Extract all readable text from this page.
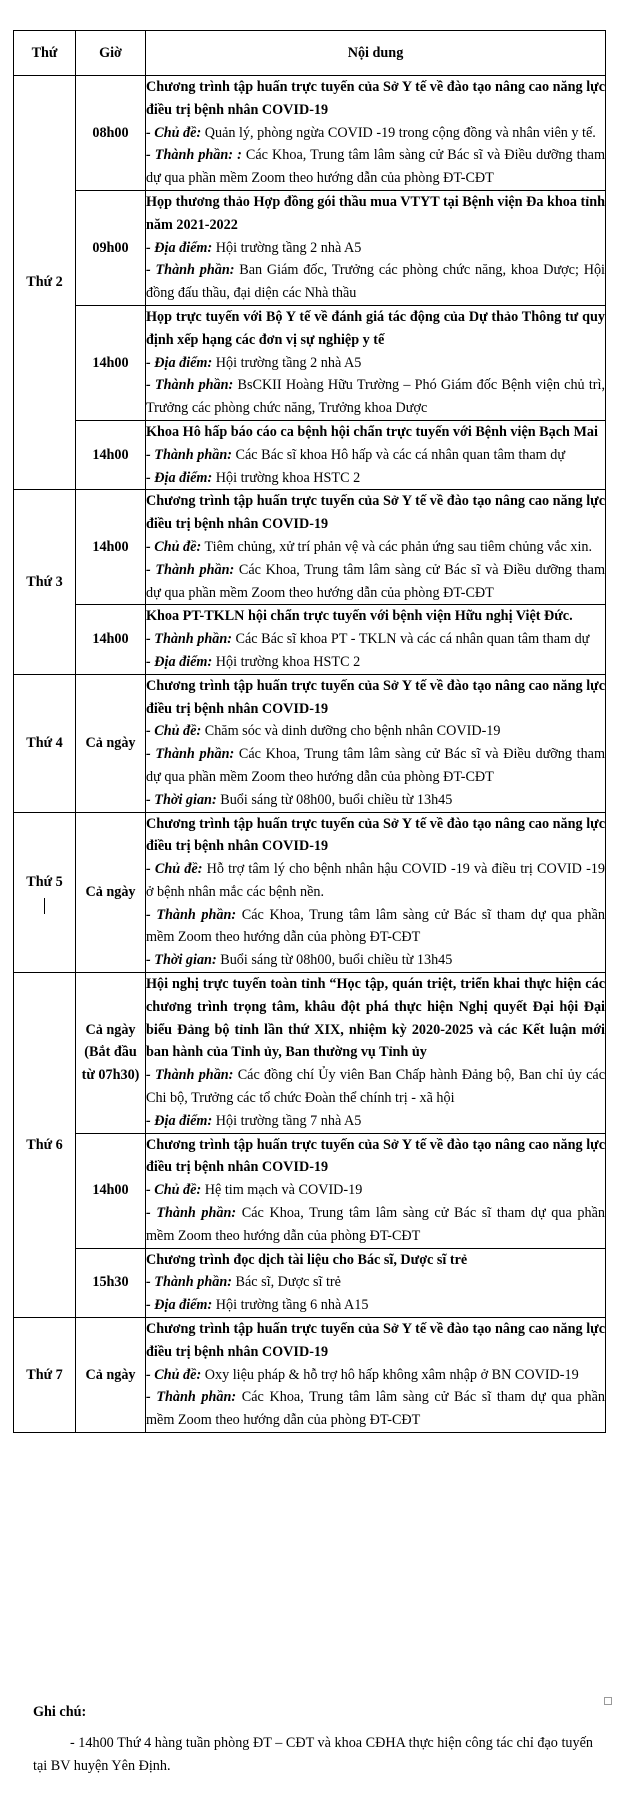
Thứ	Giờ	Nội dung
Thứ 2	08h00	Chương trình tập huấn trực tuyến của Sở Y tế về đào tạo nâng cao năng lực điều trị bệnh nhân COVID-19
- Chủ đề: Quản lý, phòng ngừa COVID -19 trong cộng đồng và nhân viên y tế.
- Thành phần: : Các Khoa, Trung tâm lâm sàng cử Bác sĩ và Điều dưỡng tham dự qua phần mềm Zoom theo hướng dẫn của phòng ĐT-CĐT

	09h00	Họp thương thảo Hợp đồng gói thầu mua VTYT tại Bệnh viện Đa khoa tỉnh năm 2021-2022
- Địa điểm: Hội trường tầng 2 nhà A5
- Thành phần: Ban Giám đốc, Trưởng các phòng chức năng, khoa Dược; Hội đồng đấu thầu, đại diện các Nhà thầu

	14h00	Họp trực tuyến với Bộ Y tế về đánh giá tác động của Dự thảo Thông tư quy định xếp hạng các đơn vị sự nghiệp y tế
- Địa điểm: Hội trường tầng 2 nhà A5
- Thành phần: BsCKII Hoàng Hữu Trường – Phó Giám đốc Bệnh viện chủ trì, Trưởng các phòng chức năng, Trưởng khoa Dược

	14h00	Khoa Hô hấp báo cáo ca bệnh hội chẩn trực tuyến với Bệnh viện Bạch Mai
- Thành phần: Các Bác sĩ khoa Hô hấp và các cá nhân quan tâm tham dự
- Địa điểm: Hội trường khoa HSTC 2

Thứ 3	14h00	Chương trình tập huấn trực tuyến của Sở Y tế về đào tạo nâng cao năng lực điều trị bệnh nhân COVID-19
- Chủ đề: Tiêm chủng, xử trí phản vệ và các phản ứng sau tiêm chủng vắc xin.
- Thành phần: Các Khoa, Trung tâm lâm sàng cử Bác sĩ và Điều dưỡng tham dự qua phần mềm Zoom theo hướng dẫn của phòng ĐT-CĐT

	14h00	Khoa PT-TKLN hội chẩn trực tuyến với bệnh viện Hữu nghị Việt Đức.
- Thành phần: Các Bác sĩ khoa PT - TKLN và các cá nhân quan tâm tham dự
- Địa điểm: Hội trường khoa HSTC 2

Thứ 4	Cả ngày	Chương trình tập huấn trực tuyến của Sở Y tế về đào tạo nâng cao năng lực điều trị bệnh nhân COVID-19
- Chủ đề: Chăm sóc và dinh dưỡng cho bệnh nhân COVID-19
- Thành phần: Các Khoa, Trung tâm lâm sàng cử Bác sĩ và Điều dưỡng tham dự qua phần mềm Zoom theo hướng dẫn của phòng ĐT-CĐT
- Thời gian: Buổi sáng từ 08h00, buổi chiều từ 13h45

Thứ 5	Cả ngày	Chương trình tập huấn trực tuyến của Sở Y tế về đào tạo nâng cao năng lực điều trị bệnh nhân COVID-19
- Chủ đề: Hỗ trợ tâm lý cho bệnh nhân hậu COVID -19 và điều trị COVID -19 ở bệnh nhân mắc các bệnh nền.
- Thành phần: Các Khoa, Trung tâm lâm sàng cử Bác sĩ tham dự qua phần mềm Zoom theo hướng dẫn của phòng ĐT-CĐT
- Thời gian: Buổi sáng từ 08h00, buổi chiều từ 13h45

Thứ 6	Cả ngày (Bắt đầu từ 07h30)	Hội nghị trực tuyến toàn tỉnh “Học tập, quán triệt, triển khai thực hiện các chương trình trọng tâm, khâu đột phá thực hiện Nghị quyết Đại hội Đại biểu Đảng bộ tỉnh lần thứ XIX, nhiệm kỳ 2020-2025 và các Kết luận mới ban hành của Tỉnh ủy, Ban thường vụ Tỉnh ủy
- Thành phần: Các đồng chí Ủy viên Ban Chấp hành Đảng bộ, Ban chỉ ủy các Chi bộ, Trưởng các tổ chức Đoàn thể chính trị - xã hội
- Địa điểm: Hội trường tầng 7 nhà A5

	14h00	Chương trình tập huấn trực tuyến của Sở Y tế về đào tạo nâng cao năng lực điều trị bệnh nhân COVID-19
- Chủ đề: Hệ tim mạch và COVID-19
- Thành phần: Các Khoa, Trung tâm lâm sàng cử Bác sĩ tham dự qua phần mềm Zoom theo hướng dẫn của phòng ĐT-CĐT

	15h30	Chương trình đọc dịch tài liệu cho Bác sĩ, Dược sĩ trẻ
- Thành phần: Bác sĩ, Dược sĩ trẻ
- Địa điểm: Hội trường tầng 6 nhà A15

Thứ 7	Cả ngày	Chương trình tập huấn trực tuyến của Sở Y tế về đào tạo nâng cao năng lực điều trị bệnh nhân COVID-19
- Chủ đề: Oxy liệu pháp & hỗ trợ hô hấp không xâm nhập ở BN COVID-19
- Thành phần: Các Khoa, Trung tâm lâm sàng cử Bác sĩ tham dự qua phần mềm Zoom theo hướng dẫn của phòng ĐT-CĐT
Ghi chú:
- 14h00 Thứ 4 hàng tuần phòng ĐT – CĐT và khoa CĐHA thực hiện công tác chỉ đạo tuyến tại BV huyện Yên Định.
